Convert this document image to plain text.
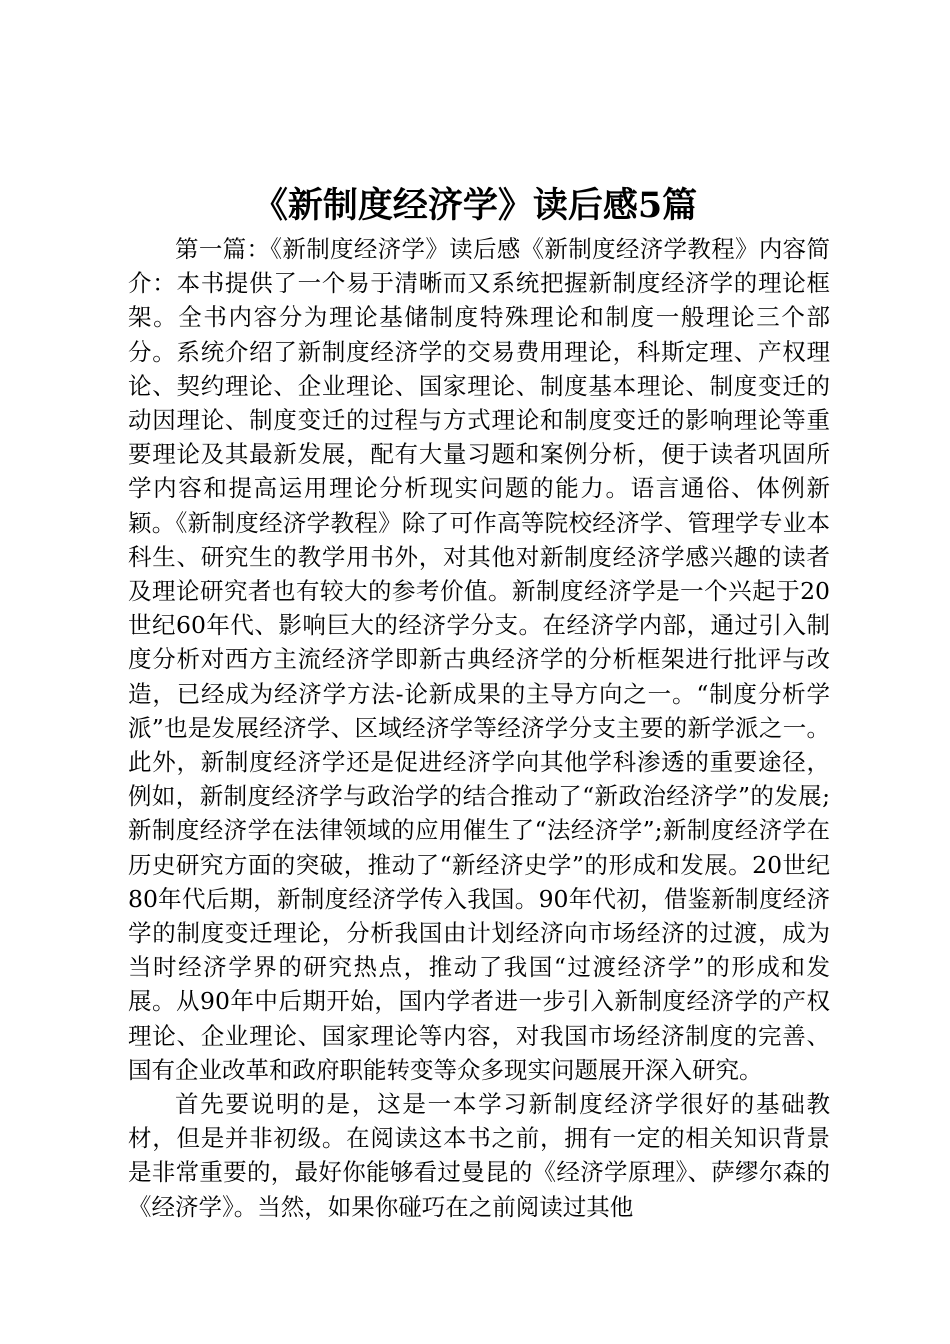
《新制度经济学》读后感5篇

第一篇：《新制度经济学》读后感《新制度经济学教程》内容简介：本书提供了一个易于清晰而又系统把握新制度经济学的理论框架。全书内容分为理论基储制度特殊理论和制度一般理论三个部分。系统介绍了新制度经济学的交易费用理论，科斯定理、产权理论、契约理论、企业理论、国家理论、制度基本理论、制度变迁的动因理论、制度变迁的过程与方式理论和制度变迁的影响理论等重要理论及其最新发展，配有大量习题和案例分析，便于读者巩固所学内容和提高运用理论分析现实问题的能力。语言通俗、体例新颖。《新制度经济学教程》除了可作高等院校经济学、管理学专业本科生、研究生的教学用书外，对其他对新制度经济学感兴趣的读者及理论研究者也有较大的参考价值。新制度经济学是一个兴起于20世纪60年代、影响巨大的经济学分支。在经济学内部，通过引入制度分析对西方主流经济学即新古典经济学的分析框架进行批评与改造，已经成为经济学方法-论新成果的主导方向之一。“制度分析学派”也是发展经济学、区域经济学等经济学分支主要的新学派之一。此外，新制度经济学还是促进经济学向其他学科渗透的重要途径，例如，新制度经济学与政治学的结合推动了“新政治经济学”的发展;新制度经济学在法律领域的应用催生了“法经济学”;新制度经济学在历史研究方面的突破，推动了“新经济史学”的形成和发展。20世纪80年代后期，新制度经济学传入我国。90年代初，借鉴新制度经济学的制度变迁理论，分析我国由计划经济向市场经济的过渡，成为当时经济学界的研究热点，推动了我国“过渡经济学”的形成和发展。从90年中后期开始，国内学者进一步引入新制度经济学的产权理论、企业理论、国家理论等内容，对我国市场经济制度的完善、国有企业改革和政府职能转变等众多现实问题展开深入研究。

首先要说明的是，这是一本学习新制度经济学很好的基础教材，但是并非初级。在阅读这本书之前，拥有一定的相关知识背景是非常重要的，最好你能够看过曼昆的《经济学原理》、萨缪尔森的《经济学》。当然，如果你碰巧在之前阅读过其他
